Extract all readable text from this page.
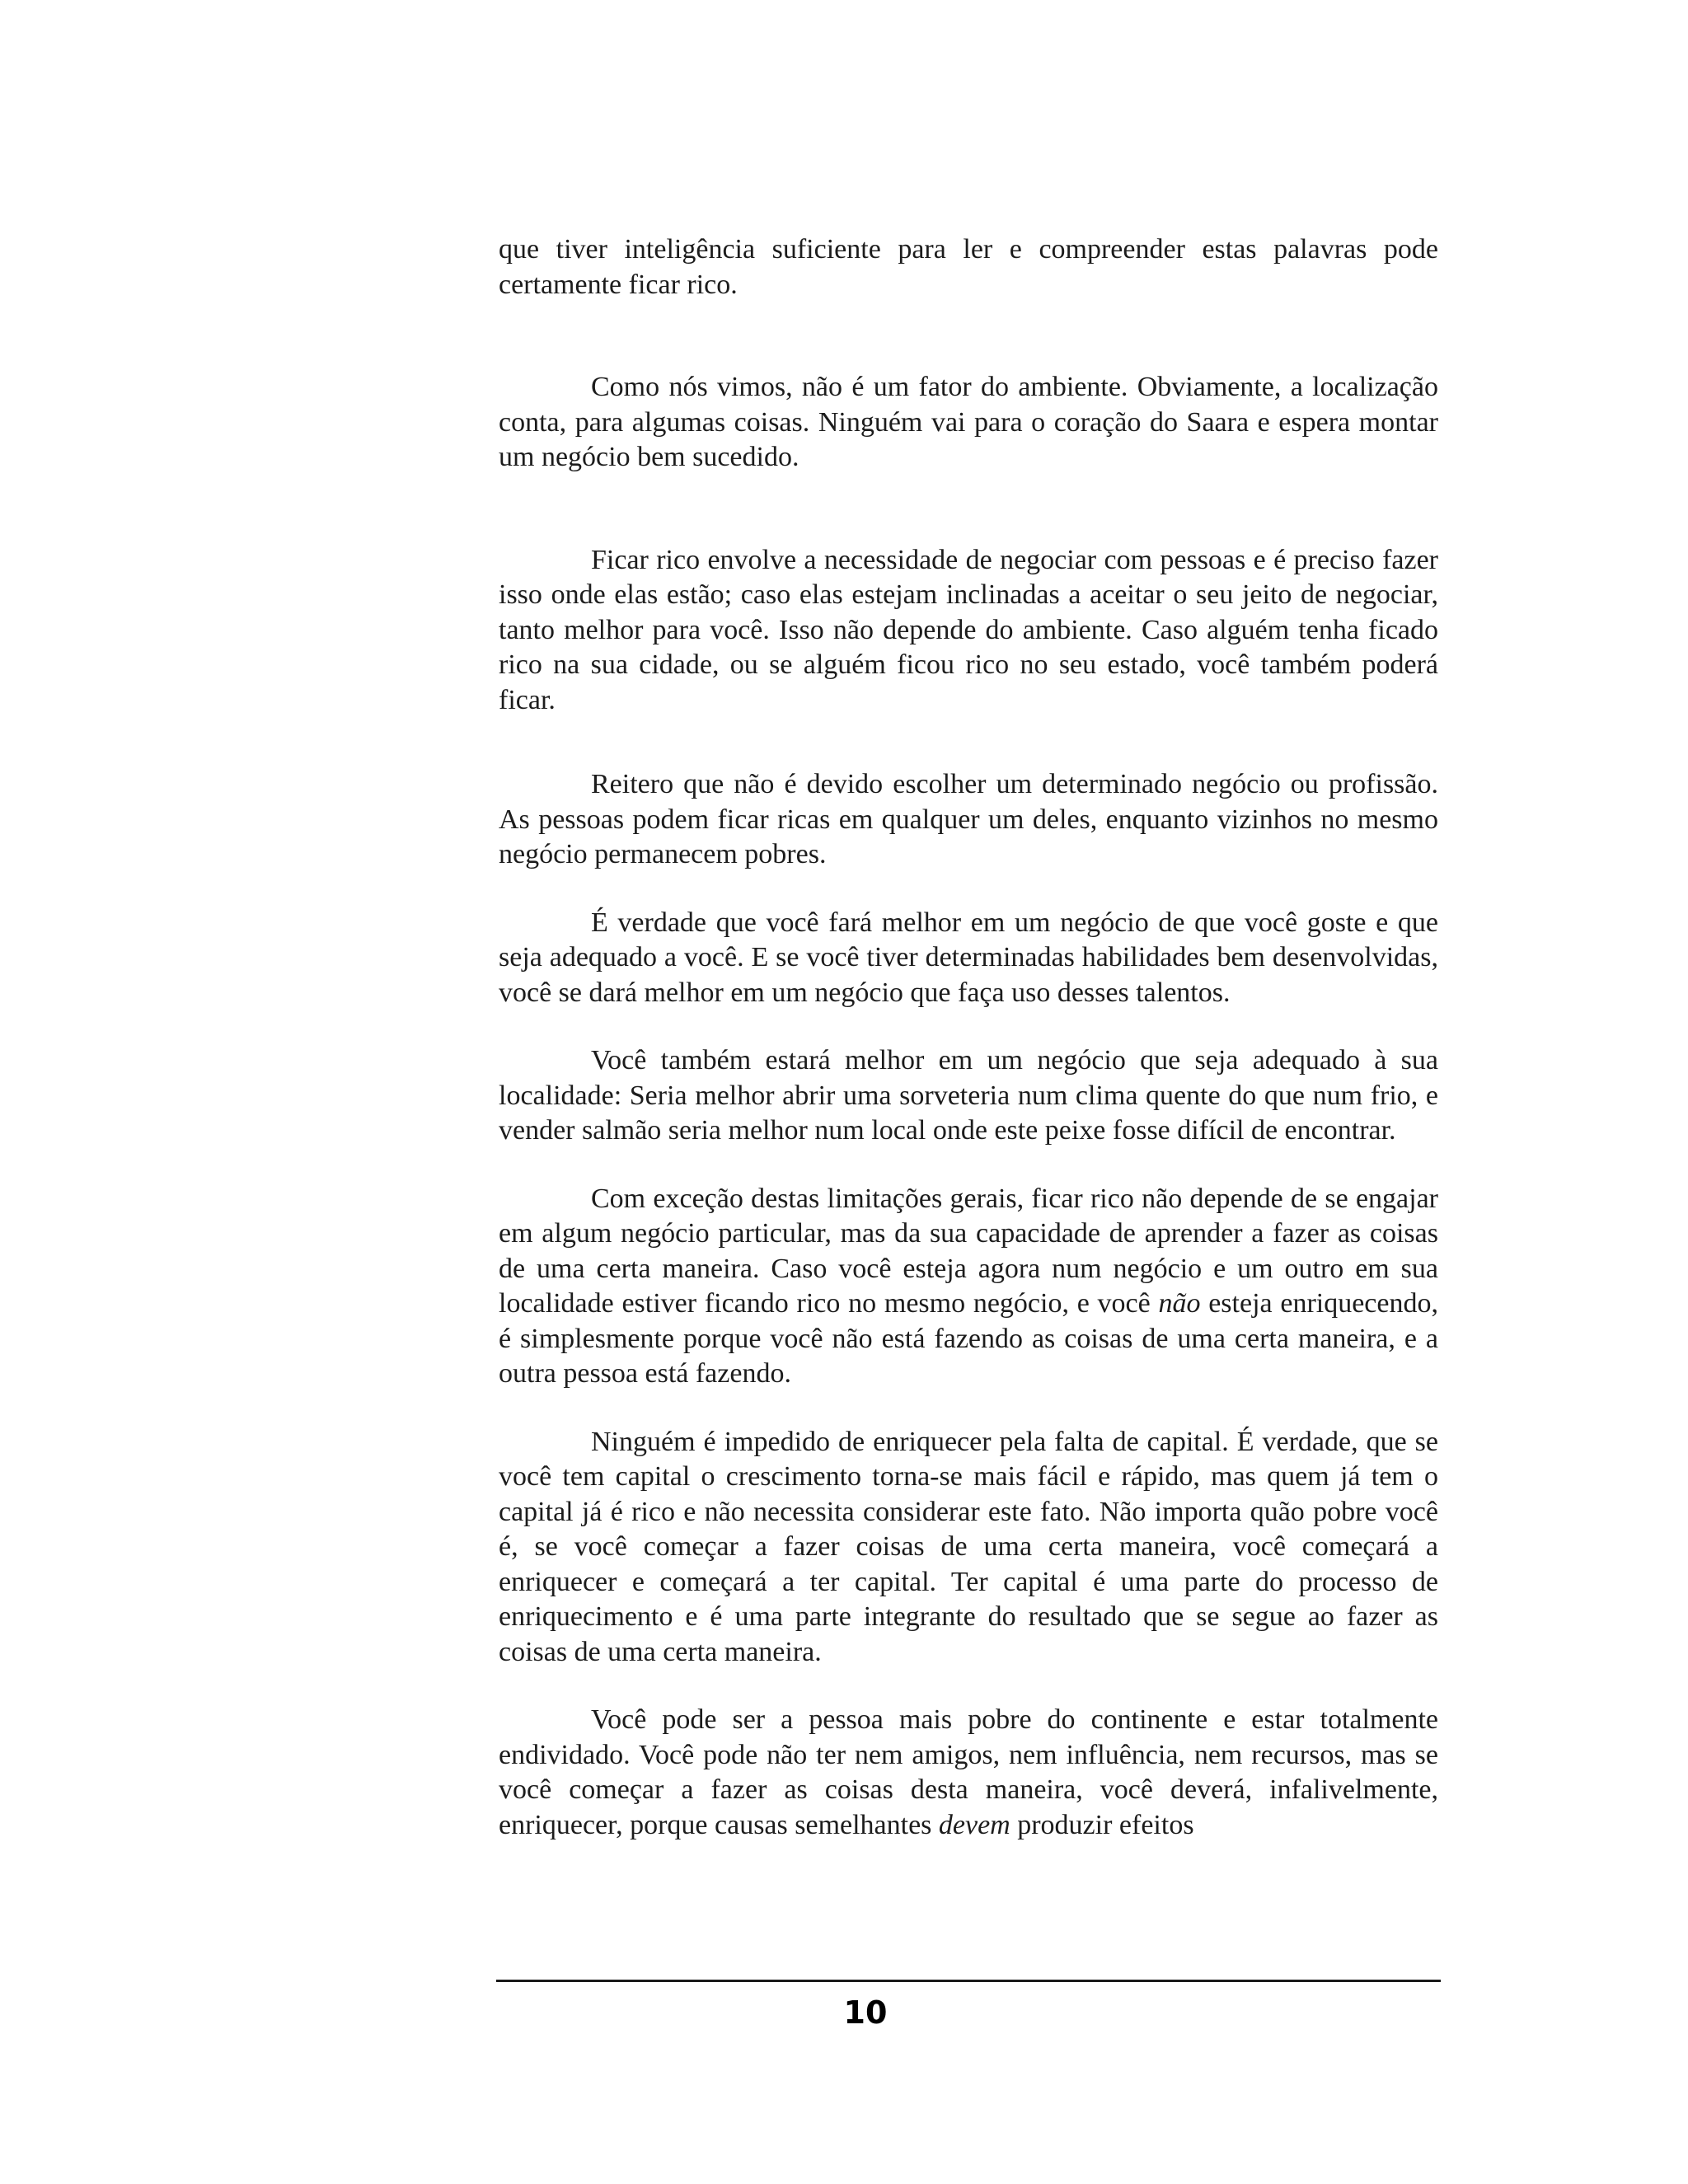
que tiver inteligência suficiente para ler e compreender estas palavras pode certamente ficar rico.

Como nós vimos, não é um fator do ambiente. Obviamente, a localização conta, para algumas coisas. Ninguém vai para o coração do Saara e espera montar um negócio bem sucedido.

Ficar rico envolve a necessidade de negociar com pessoas e é preciso fazer isso onde elas estão; caso elas estejam inclinadas a aceitar o seu jeito de negociar, tanto melhor para você. Isso não depende do ambiente. Caso alguém tenha ficado rico na sua cidade, ou se alguém ficou rico no seu estado, você também poderá ficar.

Reitero que não é devido escolher um determinado negócio ou profissão. As pessoas podem ficar ricas em qualquer um deles, enquanto vizinhos no mesmo negócio permanecem pobres.

É verdade que você fará melhor em um negócio de que você goste e que seja adequado a você. E se você tiver determinadas habilidades bem desenvolvidas, você se dará melhor em um negócio que faça uso desses talentos.

Você também estará melhor em um negócio que seja adequado à sua localidade: Seria melhor abrir uma sorveteria num clima quente do que num frio, e vender salmão seria melhor num local onde este peixe fosse difícil de encontrar.

Com exceção destas limitações gerais, ficar rico não depende de se engajar em algum negócio particular, mas da sua capacidade de aprender a fazer as coisas de uma certa maneira. Caso você esteja agora num negócio e um outro em sua localidade estiver ficando rico no mesmo negócio, e você não esteja enriquecendo, é simplesmente porque você não está fazendo as coisas de uma certa maneira, e a outra pessoa está fazendo.

Ninguém é impedido de enriquecer pela falta de capital. É verdade, que se você tem capital o crescimento torna-se mais fácil e rápido, mas quem já tem o capital já é rico e não necessita considerar este fato. Não importa quão pobre você é, se você começar a fazer coisas de uma certa maneira, você começará a enriquecer e começará a ter capital. Ter capital é uma parte do processo de enriquecimento e é uma parte integrante do resultado que se segue ao fazer as coisas de uma certa maneira.

Você pode ser a pessoa mais pobre do continente e estar totalmente endividado. Você pode não ter nem amigos, nem influência, nem recursos, mas se você começar a fazer as coisas desta maneira, você deverá, infalivelmente, enriquecer, porque causas semelhantes devem produzir efeitos

10
